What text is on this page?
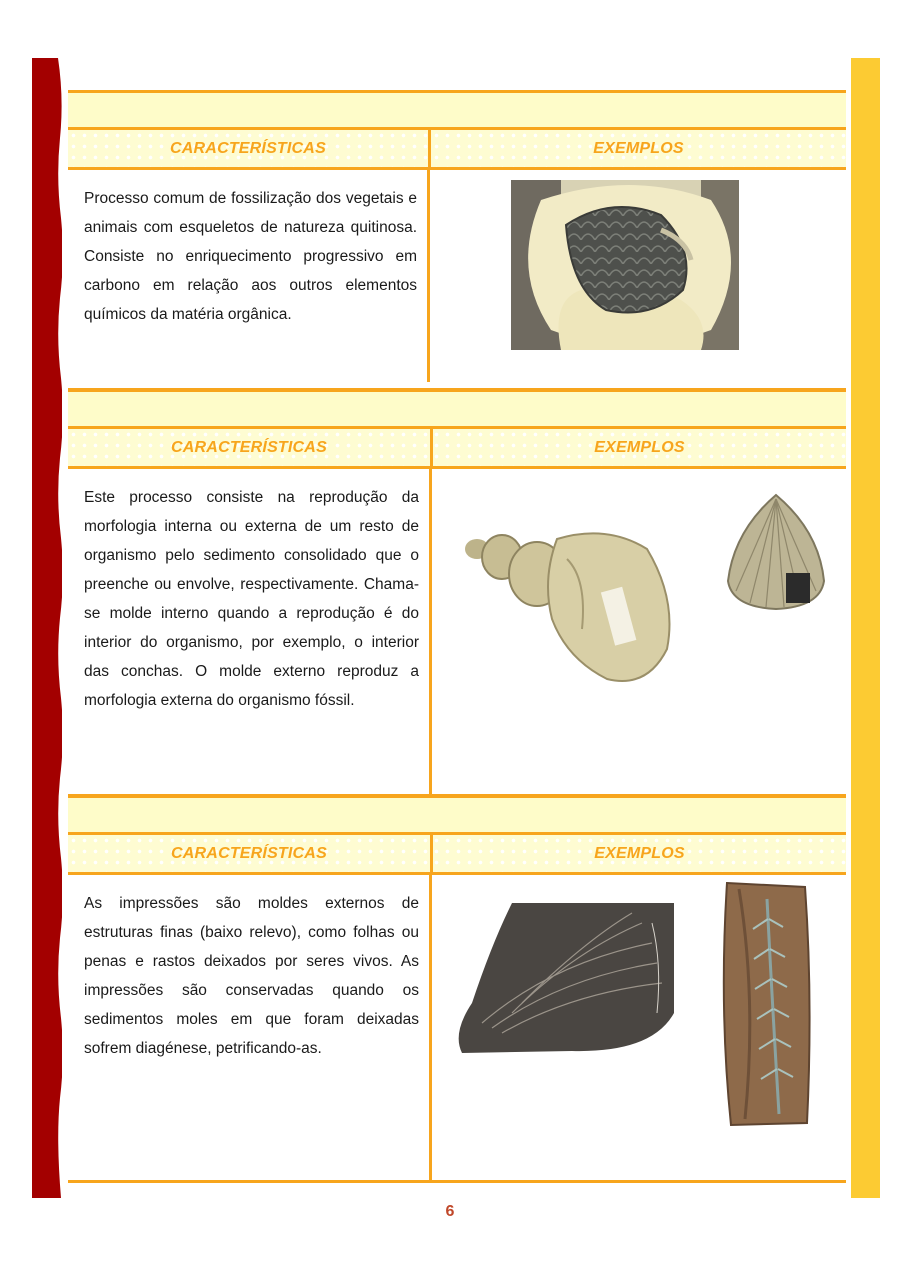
CARACTERÍSTICAS	EXEMPLOS
Processo comum de fossilização dos vegetais e animais com esqueletos de natureza quitinosa. Consiste no enriquecimento progressivo em carbono em relação aos outros elementos químicos da matéria orgânica.
CARACTERÍSTICAS	EXEMPLOS
Este processo consiste na reprodução da morfologia interna ou externa de um resto de organismo pelo sedimento consolidado que o preenche ou envolve, respectivamente. Chama-se molde interno quando a reprodução é do interior do organismo, por exemplo, o interior das conchas. O molde externo reproduz a morfologia externa do organismo fóssil.
CARACTERÍSTICAS	EXEMPLOS
As impressões são moldes externos de estruturas finas (baixo relevo), como folhas ou penas e rastos deixados por seres vivos. As impressões são conservadas quando os sedimentos moles em que foram deixadas sofrem diagénese, petrificando-as.
6
